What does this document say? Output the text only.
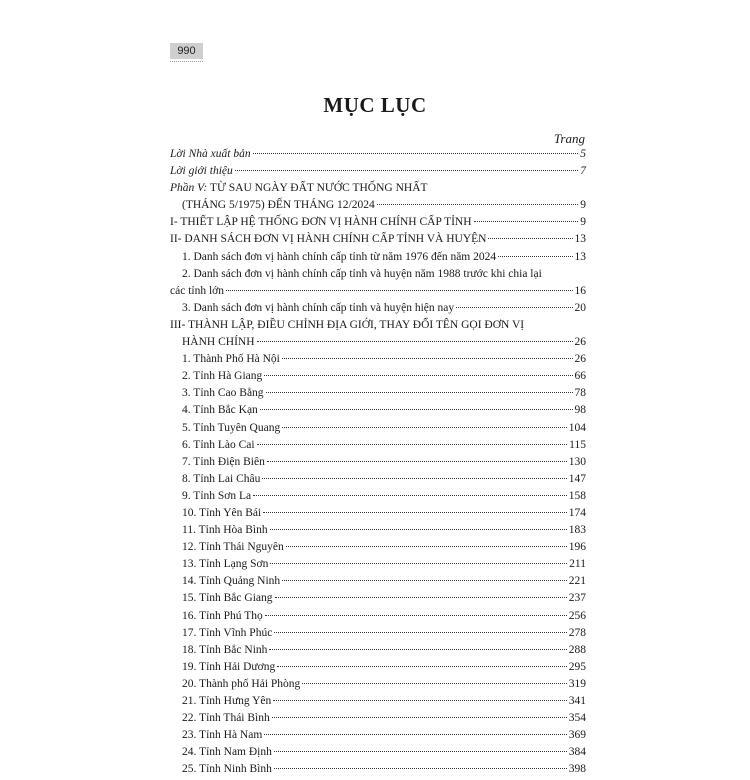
990
MỤC LỤC
Trang
Lời Nhà xuất bản	5
Lời giới thiệu	7
Phần V: TỪ SAU NGÀY ĐẤT NƯỚC THỐNG NHẤT
(THÁNG 5/1975) ĐẾN THÁNG 12/2024	9
I- THIẾT LẬP HỆ THỐNG ĐƠN VỊ HÀNH CHÍNH CẤP TỈNH	9
II- DANH SÁCH ĐƠN VỊ HÀNH CHÍNH CẤP TỈNH VÀ HUYỆN	13
1. Danh sách đơn vị hành chính cấp tỉnh từ năm 1976 đến năm 2024	13
2. Danh sách đơn vị hành chính cấp tỉnh và huyện năm 1988 trước khi chia lại
các tỉnh lớn	16
3. Danh sách đơn vị hành chính cấp tỉnh và huyện hiện nay	20
III- THÀNH LẬP, ĐIỀU CHỈNH ĐỊA GIỚI, THAY ĐỔI TÊN GỌI ĐƠN VỊ
HÀNH CHÍNH	26
1. Thành Phố Hà Nội	26
2. Tỉnh Hà Giang	66
3. Tỉnh Cao Bằng	78
4. Tỉnh Bắc Kạn	98
5. Tỉnh Tuyên Quang	104
6. Tỉnh Lào Cai	115
7. Tỉnh Điện Biên	130
8. Tỉnh Lai Châu	147
9. Tỉnh Sơn La	158
10. Tỉnh Yên Bái	174
11. Tỉnh Hòa Bình	183
12. Tỉnh Thái Nguyên	196
13. Tỉnh Lạng Sơn	211
14. Tỉnh Quảng Ninh	221
15. Tỉnh Bắc Giang	237
16. Tỉnh Phú Thọ	256
17. Tỉnh Vĩnh Phúc	278
18. Tỉnh Bắc Ninh	288
19. Tỉnh Hải Dương	295
20. Thành phố Hải Phòng	319
21. Tỉnh Hưng Yên	341
22. Tỉnh Thái Bình	354
23. Tỉnh Hà Nam	369
24. Tỉnh Nam Định	384
25. Tỉnh Ninh Bình	398
